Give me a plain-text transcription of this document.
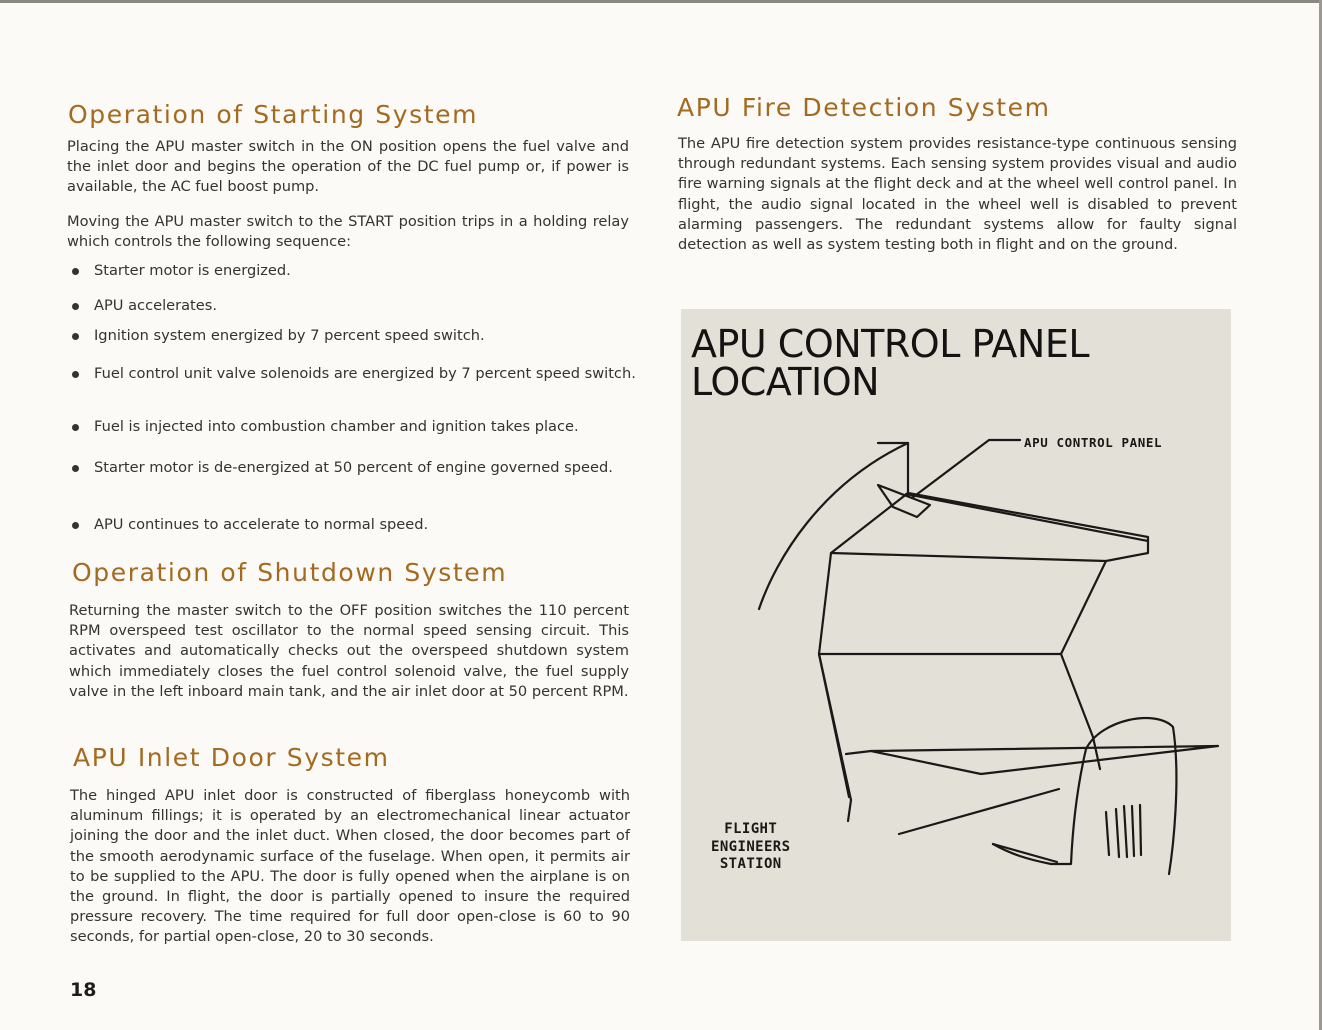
Operation of Starting System

Placing the APU master switch in the ON position opens the fuel valve and the inlet door and begins the operation of the DC fuel pump or, if power is available, the AC fuel boost pump.

Moving the APU master switch to the START position trips in a holding relay which controls the following sequence:

Starter motor is energized.
APU accelerates.
Ignition system energized by 7 percent speed switch.
Fuel control unit valve solenoids are energized by 7 percent speed switch.
Fuel is injected into combustion chamber and ignition takes place.
Starter motor is de-energized at 50 percent of engine governed speed.
APU continues to accelerate to normal speed.
Operation of Shutdown System

Returning the master switch to the OFF position switches the 110 percent RPM overspeed test oscillator to the normal speed sensing circuit. This activates and automatically checks out the overspeed shutdown system which immediately closes the fuel control solenoid valve, the fuel supply valve in the left inboard main tank, and the air inlet door at 50 percent RPM.

APU Inlet Door System

The hinged APU inlet door is constructed of fiberglass honeycomb with aluminum fillings; it is operated by an electromechanical linear actuator joining the door and the inlet duct. When closed, the door becomes part of the smooth aerodynamic surface of the fuselage. When open, it permits air to be supplied to the APU. The door is fully opened when the airplane is on the ground. In flight, the door is partially opened to insure the required pressure recovery. The time required for full door open-close is 60 to 90 seconds, for partial open-close, 20 to 30 seconds.

18
APU Fire Detection System

The APU fire detection system provides resistance-type continuous sensing through redundant systems. Each sensing system provides visual and audio fire warning signals at the flight deck and at the wheel well control panel. In flight, the audio signal located in the wheel well is disabled to prevent alarming passengers. The redundant systems allow for faulty signal detection as well as system testing both in flight and on the ground.

APU CONTROL PANEL
LOCATION
APU CONTROL PANEL
FLIGHT
ENGINEERS
STATION
